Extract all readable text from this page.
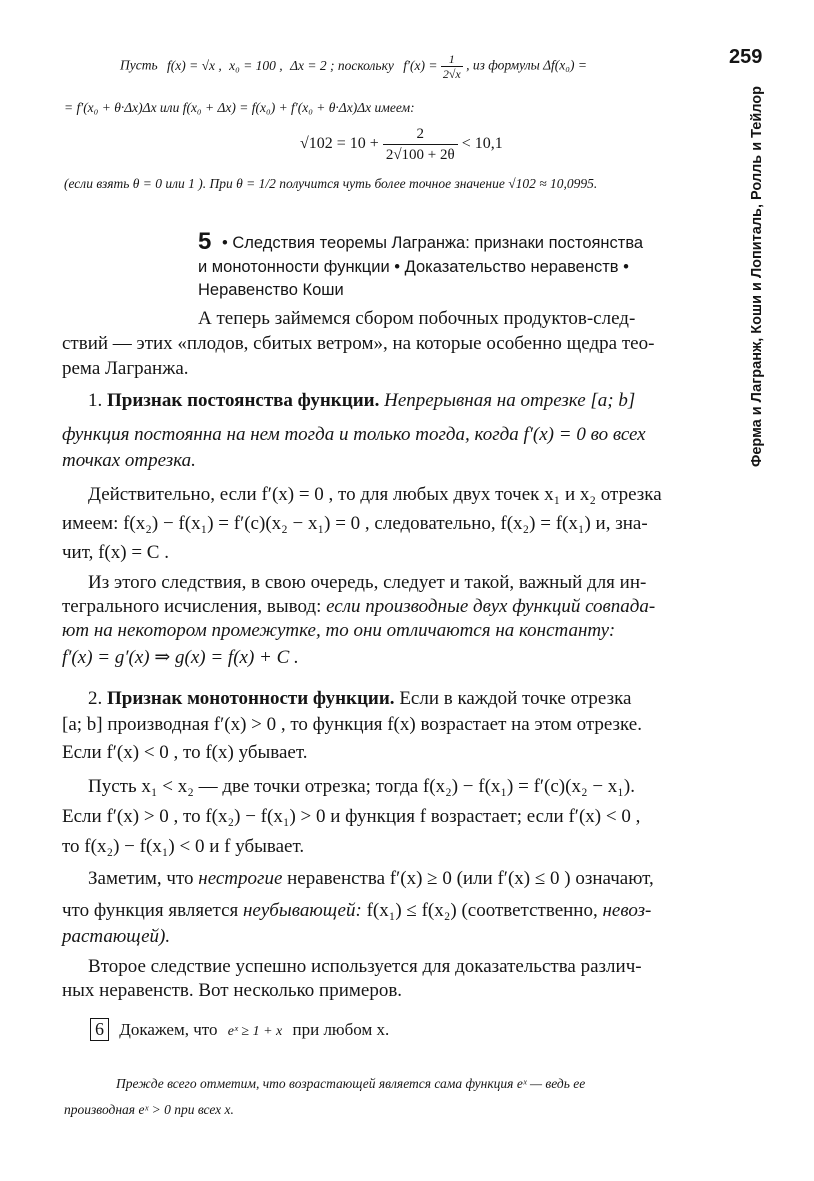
259
Ферма и Лагранж, Коши и Лопиталь, Ролль и Тейлор
Пусть f(x) = √x , x₀ = 100 , Δx = 2 ; поскольку $f'(x) = \frac{1}{2√x}$ , из формулы Δf(x₀) =
= f′(x₀ + θ·Δx)Δx или f(x₀ + Δx) = f(x₀) + f′(x₀ + θ·Δx)Δx имеем:
$√102 = 10 + \frac{2}{2√100 + 2\theta} < 10,1$
(если взять θ = 0 или 1 ). При θ = 1/2 получится чуть более точное значение √102 ≈ 10,0995.
5 • Следствия теоремы Лагранжа: признаки постоянства
и монотонности функции • Доказательство неравенств •
Неравенство Коши
А теперь займемся сбором побочных продуктов-след-
ствий — этих «плодов, сбитых ветром», на которые особенно щедра тео-
рема Лагранжа.
1. Признак постоянства функции. Непрерывная на отрезке [a; b]
функция постоянна на нем тогда и только тогда, когда f′(x) = 0 во всех
точках отрезка.
Действительно, если f′(x) = 0 , то для любых двух точек x₁ и x₂ отрезка
имеем: f(x₂) − f(x₁) = f′(c)(x₂ − x₁) = 0 , следовательно, f(x₂) = f(x₁) и, зна-
чит, f(x) = C .
Из этого следствия, в свою очередь, следует и такой, важный для ин-
тегрального исчисления, вывод: если производные двух функций совпада-
ют на некотором промежутке, то они отличаются на константу:
f′(x) = g′(x) ⇒ g(x) = f(x) + C .
2. Признак монотонности функции. Если в каждой точке отрезка
[a; b] производная f′(x) > 0 , то функция f(x) возрастает на этом отрезке.
Если f′(x) < 0 , то f(x) убывает.
Пусть x₁ < x₂ — две точки отрезка; тогда f(x₂) − f(x₁) = f′(c)(x₂ − x₁).
Если f′(x) > 0 , то f(x₂) − f(x₁) > 0 и функция f возрастает; если f′(x) < 0 ,
то f(x₂) − f(x₁) < 0 и f убывает.
Заметим, что нестрогие неравенства f′(x) ≥ 0 (или f′(x) ≤ 0 ) означают,
что функция является неубывающей: f(x₁) ≤ f(x₂) (соответственно, невоз-
растающей).
Второе следствие успешно используется для доказательства различ-
ных неравенств. Вот несколько примеров.
6 Докажем, что eˣ ≥ 1 + x при любом x.
Прежде всего отметим, что возрастающей является сама функция eˣ — ведь ее
производная eˣ > 0 при всех x.
